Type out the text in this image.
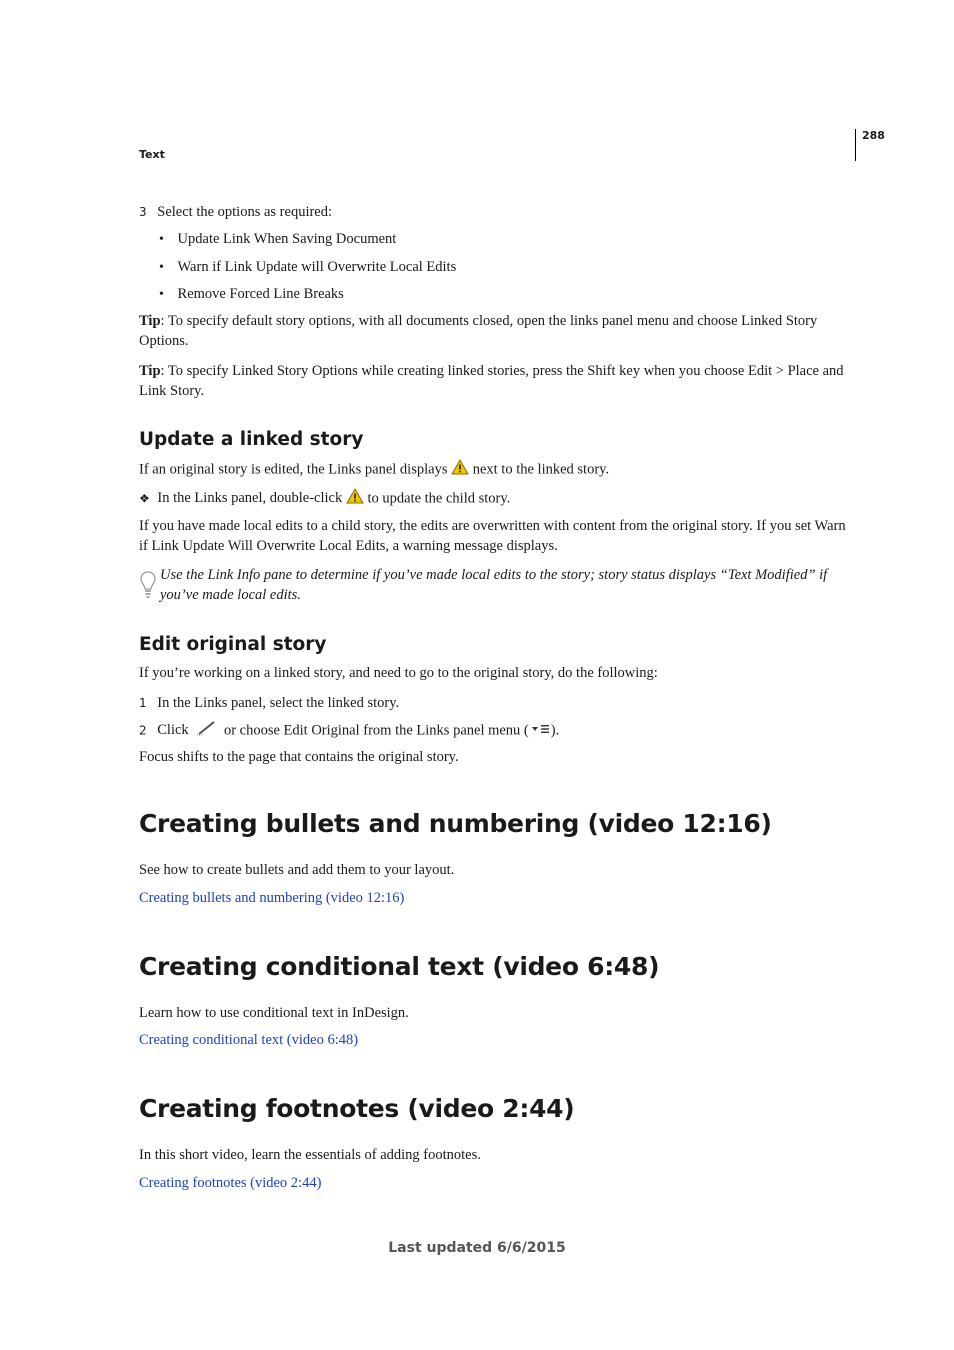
288
Text
3 Select the options as required:
• Update Link When Saving Document
• Warn if Link Update will Overwrite Local Edits
• Remove Forced Line Breaks
Tip: To specify default story options, with all documents closed, open the links panel menu and choose Linked Story Options.
Tip: To specify Linked Story Options while creating linked stories, press the Shift key when you choose Edit > Place and Link Story.
Update a linked story
If an original story is edited, the Links panel displays next to the linked story.
❖ In the Links panel, double-click to update the child story.
If you have made local edits to a child story, the edits are overwritten with content from the original story. If you set Warn if Link Update Will Overwrite Local Edits, a warning message displays.
Use the Link Info pane to determine if you’ve made local edits to the story; story status displays “Text Modified” if you’ve made local edits.
Edit original story
If you’re working on a linked story, and need to go to the original story, do the following:
1 In the Links panel, select the linked story.
2 Click or choose Edit Original from the Links panel menu ( ).
Focus shifts to the page that contains the original story.
Creating bullets and numbering (video 12:16)
See how to create bullets and add them to your layout.
Creating bullets and numbering (video 12:16)
Creating conditional text (video 6:48)
Learn how to use conditional text in InDesign.
Creating conditional text (video 6:48)
Creating footnotes (video 2:44)
In this short video, learn the essentials of adding footnotes.
Creating footnotes (video 2:44)
Last updated 6/6/2015
